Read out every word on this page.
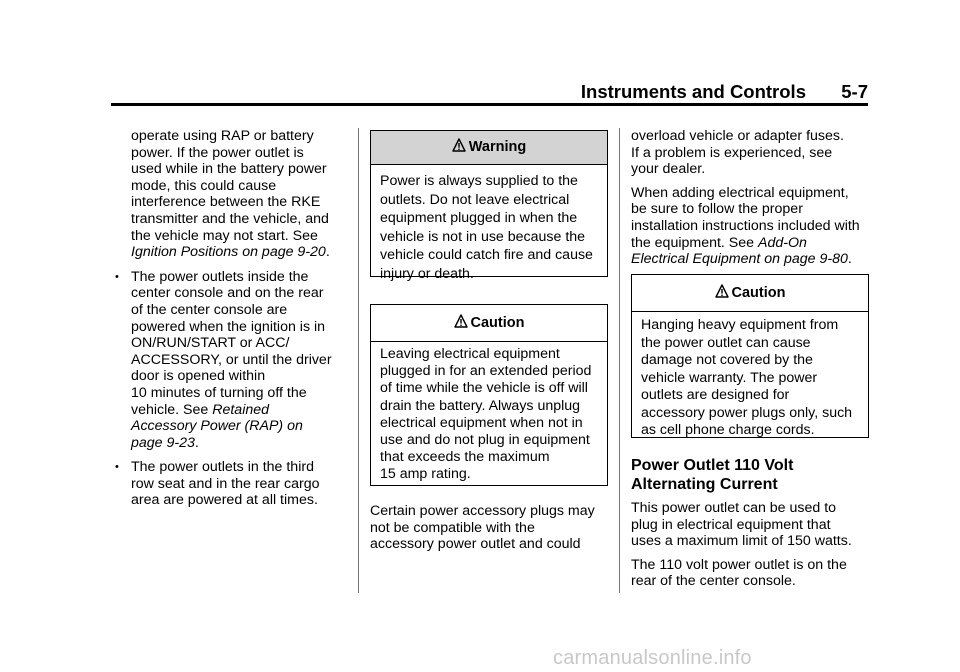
Instruments and Controls 5-7

operate using RAP or battery
power. If the power outlet is
used while in the battery power
mode, this could cause
interference between the RKE
transmitter and the vehicle, and
the vehicle may not start. See
Ignition Positions on page 9-20.

• The power outlets inside the
center console and on the rear
of the center console are
powered when the ignition is in
ON/RUN/START or ACC/
ACCESSORY, or until the driver
door is opened within
10 minutes of turning off the
vehicle. See Retained
Accessory Power (RAP) on
page 9-23.

• The power outlets in the third
row seat and in the rear cargo
area are powered at all times.

Warning
Power is always supplied to the
outlets. Do not leave electrical
equipment plugged in when the
vehicle is not in use because the
vehicle could catch fire and cause
injury or death.
Caution
Leaving electrical equipment
plugged in for an extended period
of time while the vehicle is off will
drain the battery. Always unplug
electrical equipment when not in
use and do not plug in equipment
that exceeds the maximum
15 amp rating.
Certain power accessory plugs may
not be compatible with the
accessory power outlet and could

overload vehicle or adapter fuses.
If a problem is experienced, see
your dealer.

When adding electrical equipment,
be sure to follow the proper
installation instructions included with
the equipment. See Add-On
Electrical Equipment on page 9-80.

Caution
Hanging heavy equipment from
the power outlet can cause
damage not covered by the
vehicle warranty. The power
outlets are designed for
accessory power plugs only, such
as cell phone charge cords.

Power Outlet 110 Volt
Alternating Current

This power outlet can be used to
plug in electrical equipment that
uses a maximum limit of 150 watts.

The 110 volt power outlet is on the
rear of the center console.

carmanualsonline.info
